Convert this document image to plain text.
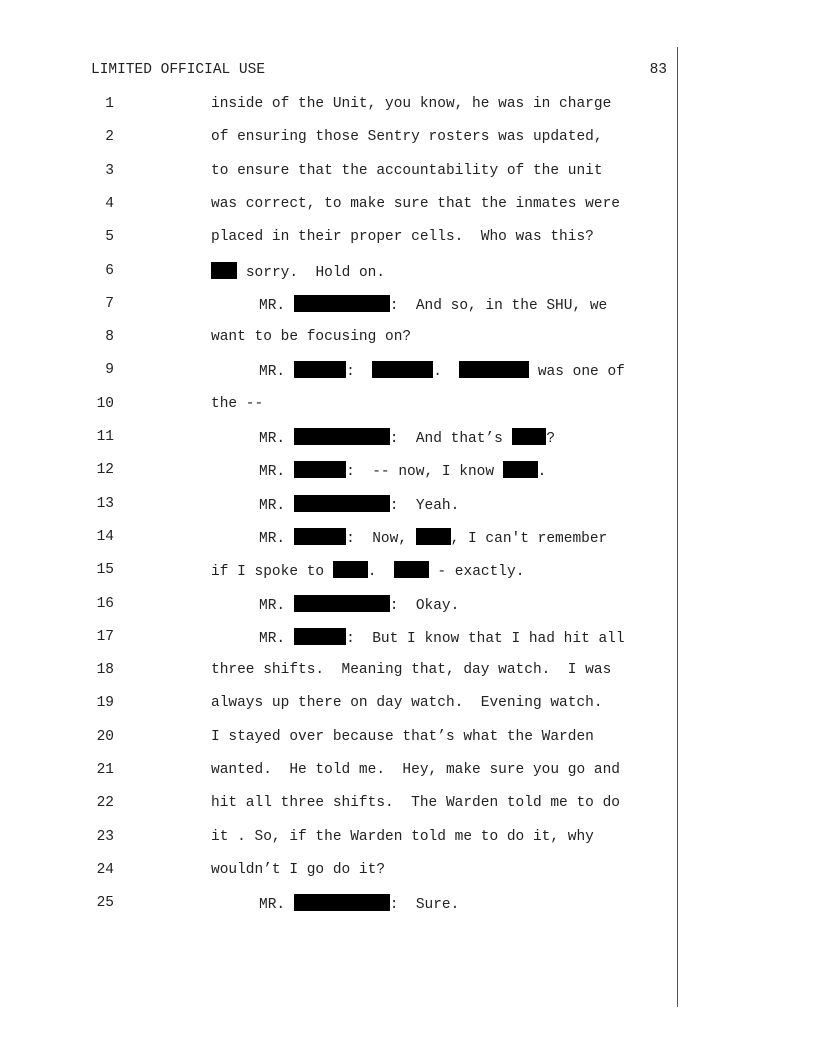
LIMITED OFFICIAL USE	83
1	inside of the Unit, you know, he was in charge
2	of ensuring those Sentry rosters was updated,
3	to ensure that the accountability of the unit
4	was correct, to make sure that the inmates were
5	placed in their proper cells.  Who was this?
6	sorry.  Hold on.
7	MR.	:  And so, in the SHU, we
8	want to be focusing on?
9	MR.	:	.	was one of
10	the --
11	MR.	:  And that’s ?
12	MR.	:  -- now, I know .
13	MR.	:  Yeah.
14	MR.	:  Now, , I can't remember
15	if I spoke to .   - exactly.
16	MR.	:  Okay.
17	MR.	:  But I know that I had hit all
18	three shifts.  Meaning that, day watch.  I was
19	always up there on day watch.  Evening watch.
20	I stayed over because that’s what the Warden
21	wanted.  He told me.  Hey, make sure you go and
22	hit all three shifts.  The Warden told me to do
23	it . So, if the Warden told me to do it, why
24	wouldn’t I go do it?
25	MR.	:  Sure.
